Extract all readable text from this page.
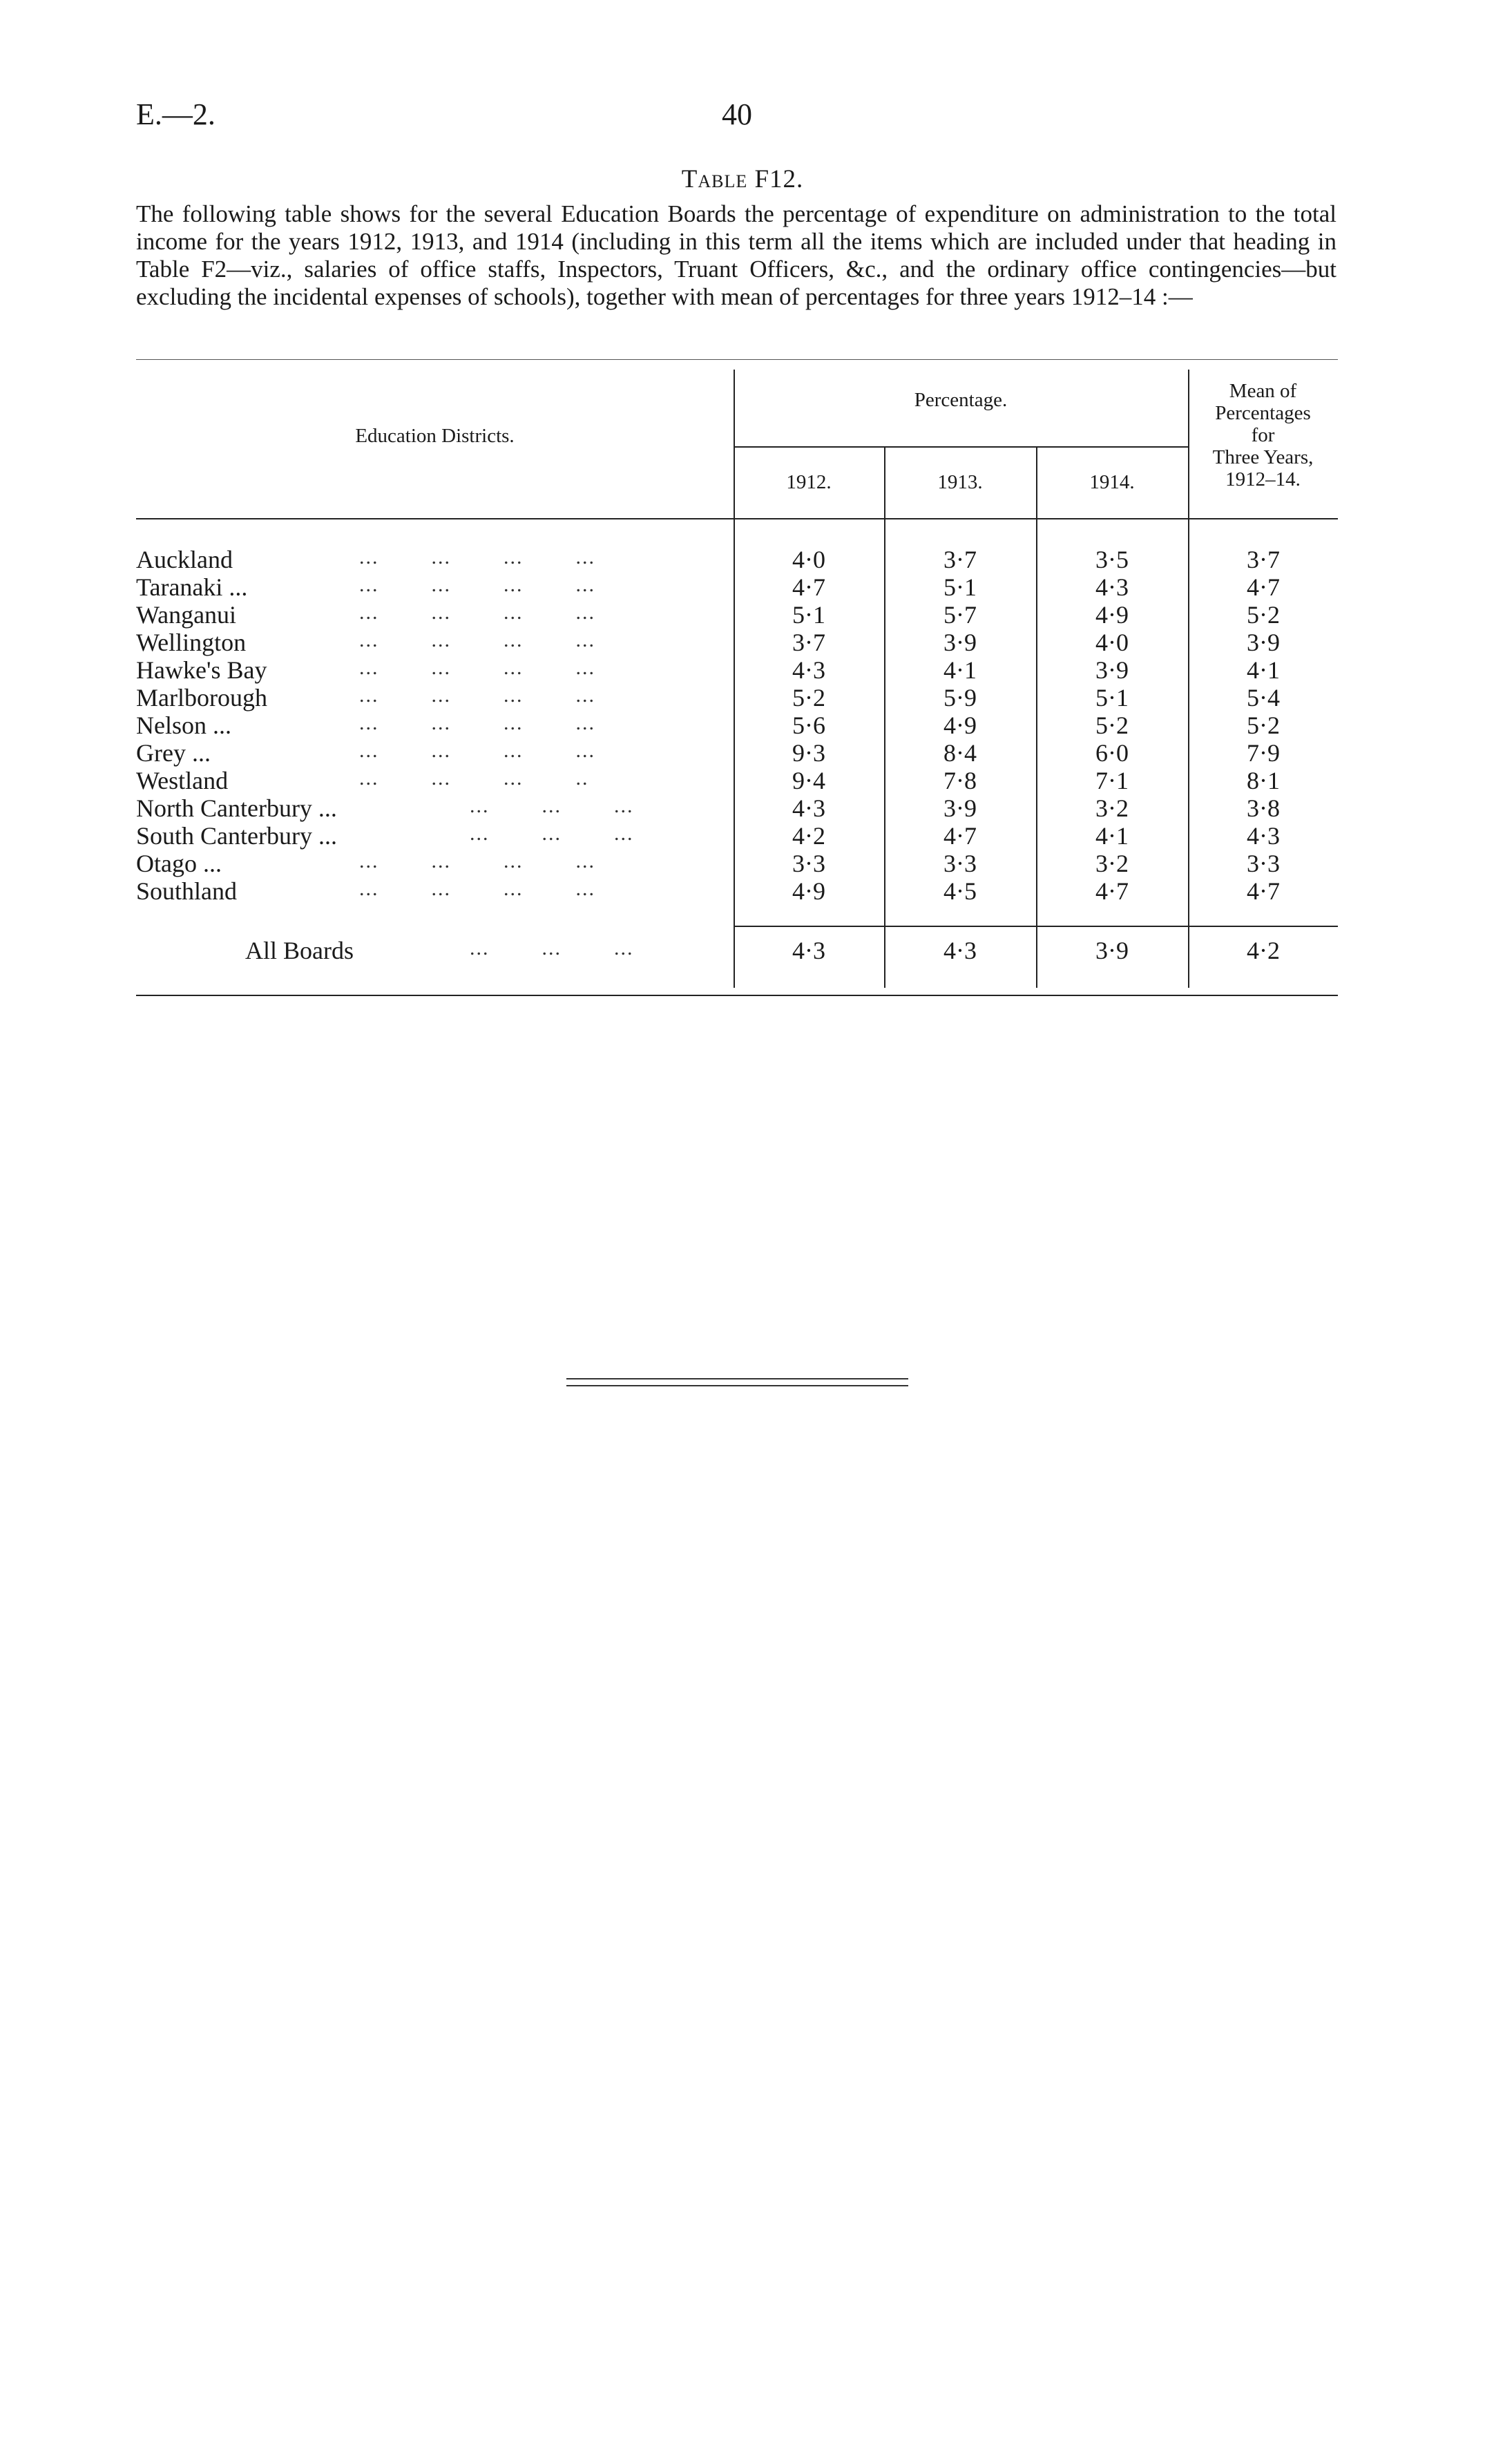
E.—2.	40
Table F12.
The following table shows for the several Education Boards the percentage of expenditure on administration to the total income for the years 1912, 1913, and 1914 (including in this term all the items which are included under that heading in Table F2—viz., salaries of office staffs, Inspectors, Truant Officers, &c., and the ordinary office contingencies—but excluding the incidental expenses of schools), together with mean of percentages for three years 1912–14 :—
Education Districts.
Percentage.
1912.	1913.	1914.
Mean of
Percentages
for
Three Years,
1912–14.
Auckland	...        ...        ...        ...	4·0	3·7	3·5	3·7
Taranaki ...	...        ...        ...        ...	4·7	5·1	4·3	4·7
Wanganui	...        ...        ...        ...	5·1	5·7	4·9	5·2
Wellington	...        ...        ...        ...	3·7	3·9	4·0	3·9
Hawke's Bay	...        ...        ...        ...	4·3	4·1	3·9	4·1
Marlborough	...        ...        ...        ...	5·2	5·9	5·1	5·4
Nelson ...	...        ...        ...        ...	5·6	4·9	5·2	5·2
Grey ...	...        ...        ...        ...	9·3	8·4	6·0	7·9
Westland	...        ...        ...        ..	9·4	7·8	7·1	8·1
North Canterbury ...	...        ...        ...	4·3	3·9	3·2	3·8
South Canterbury ...	...        ...        ...	4·2	4·7	4·1	4·3
Otago ...	...        ...        ...        ...	3·3	3·3	3·2	3·3
Southland	...        ...        ...        ...	4·9	4·5	4·7	4·7
All Boards	...        ...        ...	4·3	4·3	3·9	4·2
